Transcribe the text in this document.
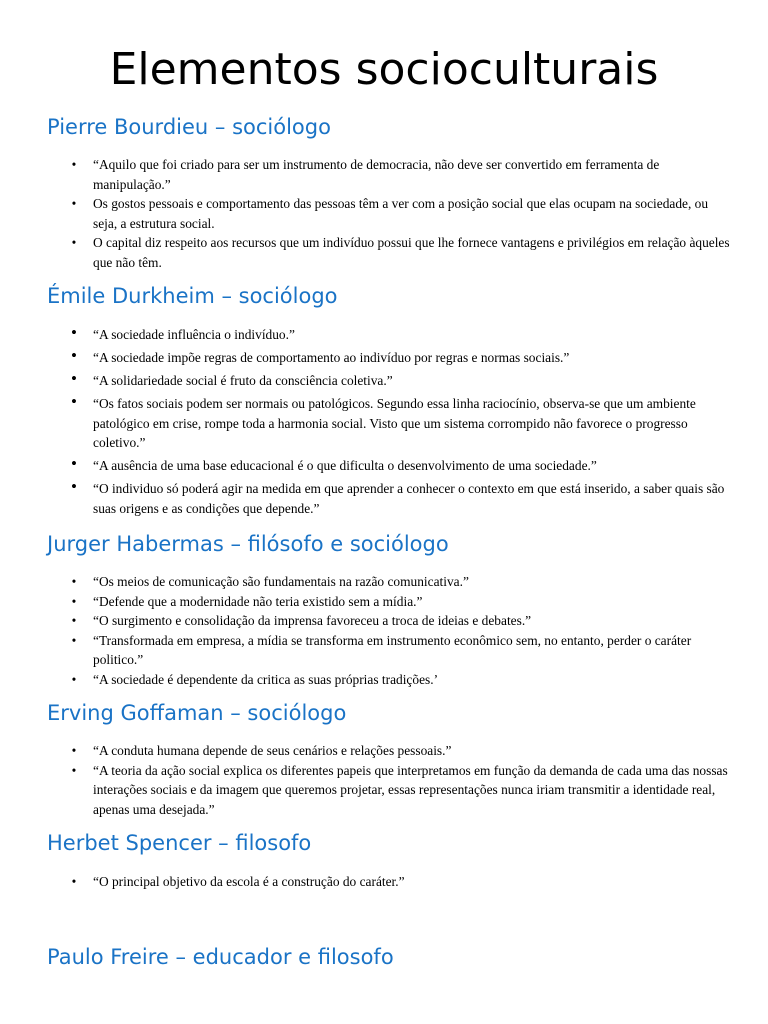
Elementos socioculturais
Pierre Bourdieu – sociólogo
• “Aquilo que foi criado para ser um instrumento de democracia, não deve ser convertido em ferramenta de manipulação.”
• Os gostos pessoais e comportamento das pessoas têm a ver com a posição social que elas ocupam na sociedade, ou seja, a estrutura social.
• O capital diz respeito aos recursos que um indivíduo possui que lhe fornece vantagens e privilégios em relação àqueles que não têm.
Émile Durkheim – sociólogo
• “A sociedade influência o indivíduo.”
• “A sociedade impõe regras de comportamento ao indivíduo por regras e normas sociais.”
• “A solidariedade social é fruto da consciência coletiva.”
• “Os fatos sociais podem ser normais ou patológicos. Segundo essa linha raciocínio, observa-se que um ambiente patológico em crise, rompe toda a harmonia social. Visto que um sistema corrompido não favorece o progresso coletivo.”
• “A ausência de uma base educacional é o que dificulta o desenvolvimento de uma sociedade.”
• “O individuo só poderá agir na medida em que aprender a conhecer o contexto em que está inserido, a saber quais são suas origens e as condições que depende.”
Jurger Habermas – filósofo e sociólogo
• “Os meios de comunicação são fundamentais na razão comunicativa.”
• “Defende que a modernidade não teria existido sem a mídia.”
• “O surgimento e consolidação da imprensa favoreceu a troca de ideias e debates.”
• “Transformada em empresa, a mídia se transforma em instrumento econômico sem, no entanto, perder o caráter politico.”
• “A sociedade é dependente da critica as suas próprias tradições.’
Erving Goffaman – sociólogo
• “A conduta humana depende de seus cenários e relações pessoais.”
• “A teoria da ação social explica os diferentes papeis que interpretamos em função da demanda de cada uma das nossas interações sociais e da imagem que queremos projetar, essas representações nunca iriam transmitir a identidade real, apenas uma desejada.”
Herbet Spencer – filosofo
• “O principal objetivo da escola é a construção do caráter.”
Paulo Freire – educador e filosofo
